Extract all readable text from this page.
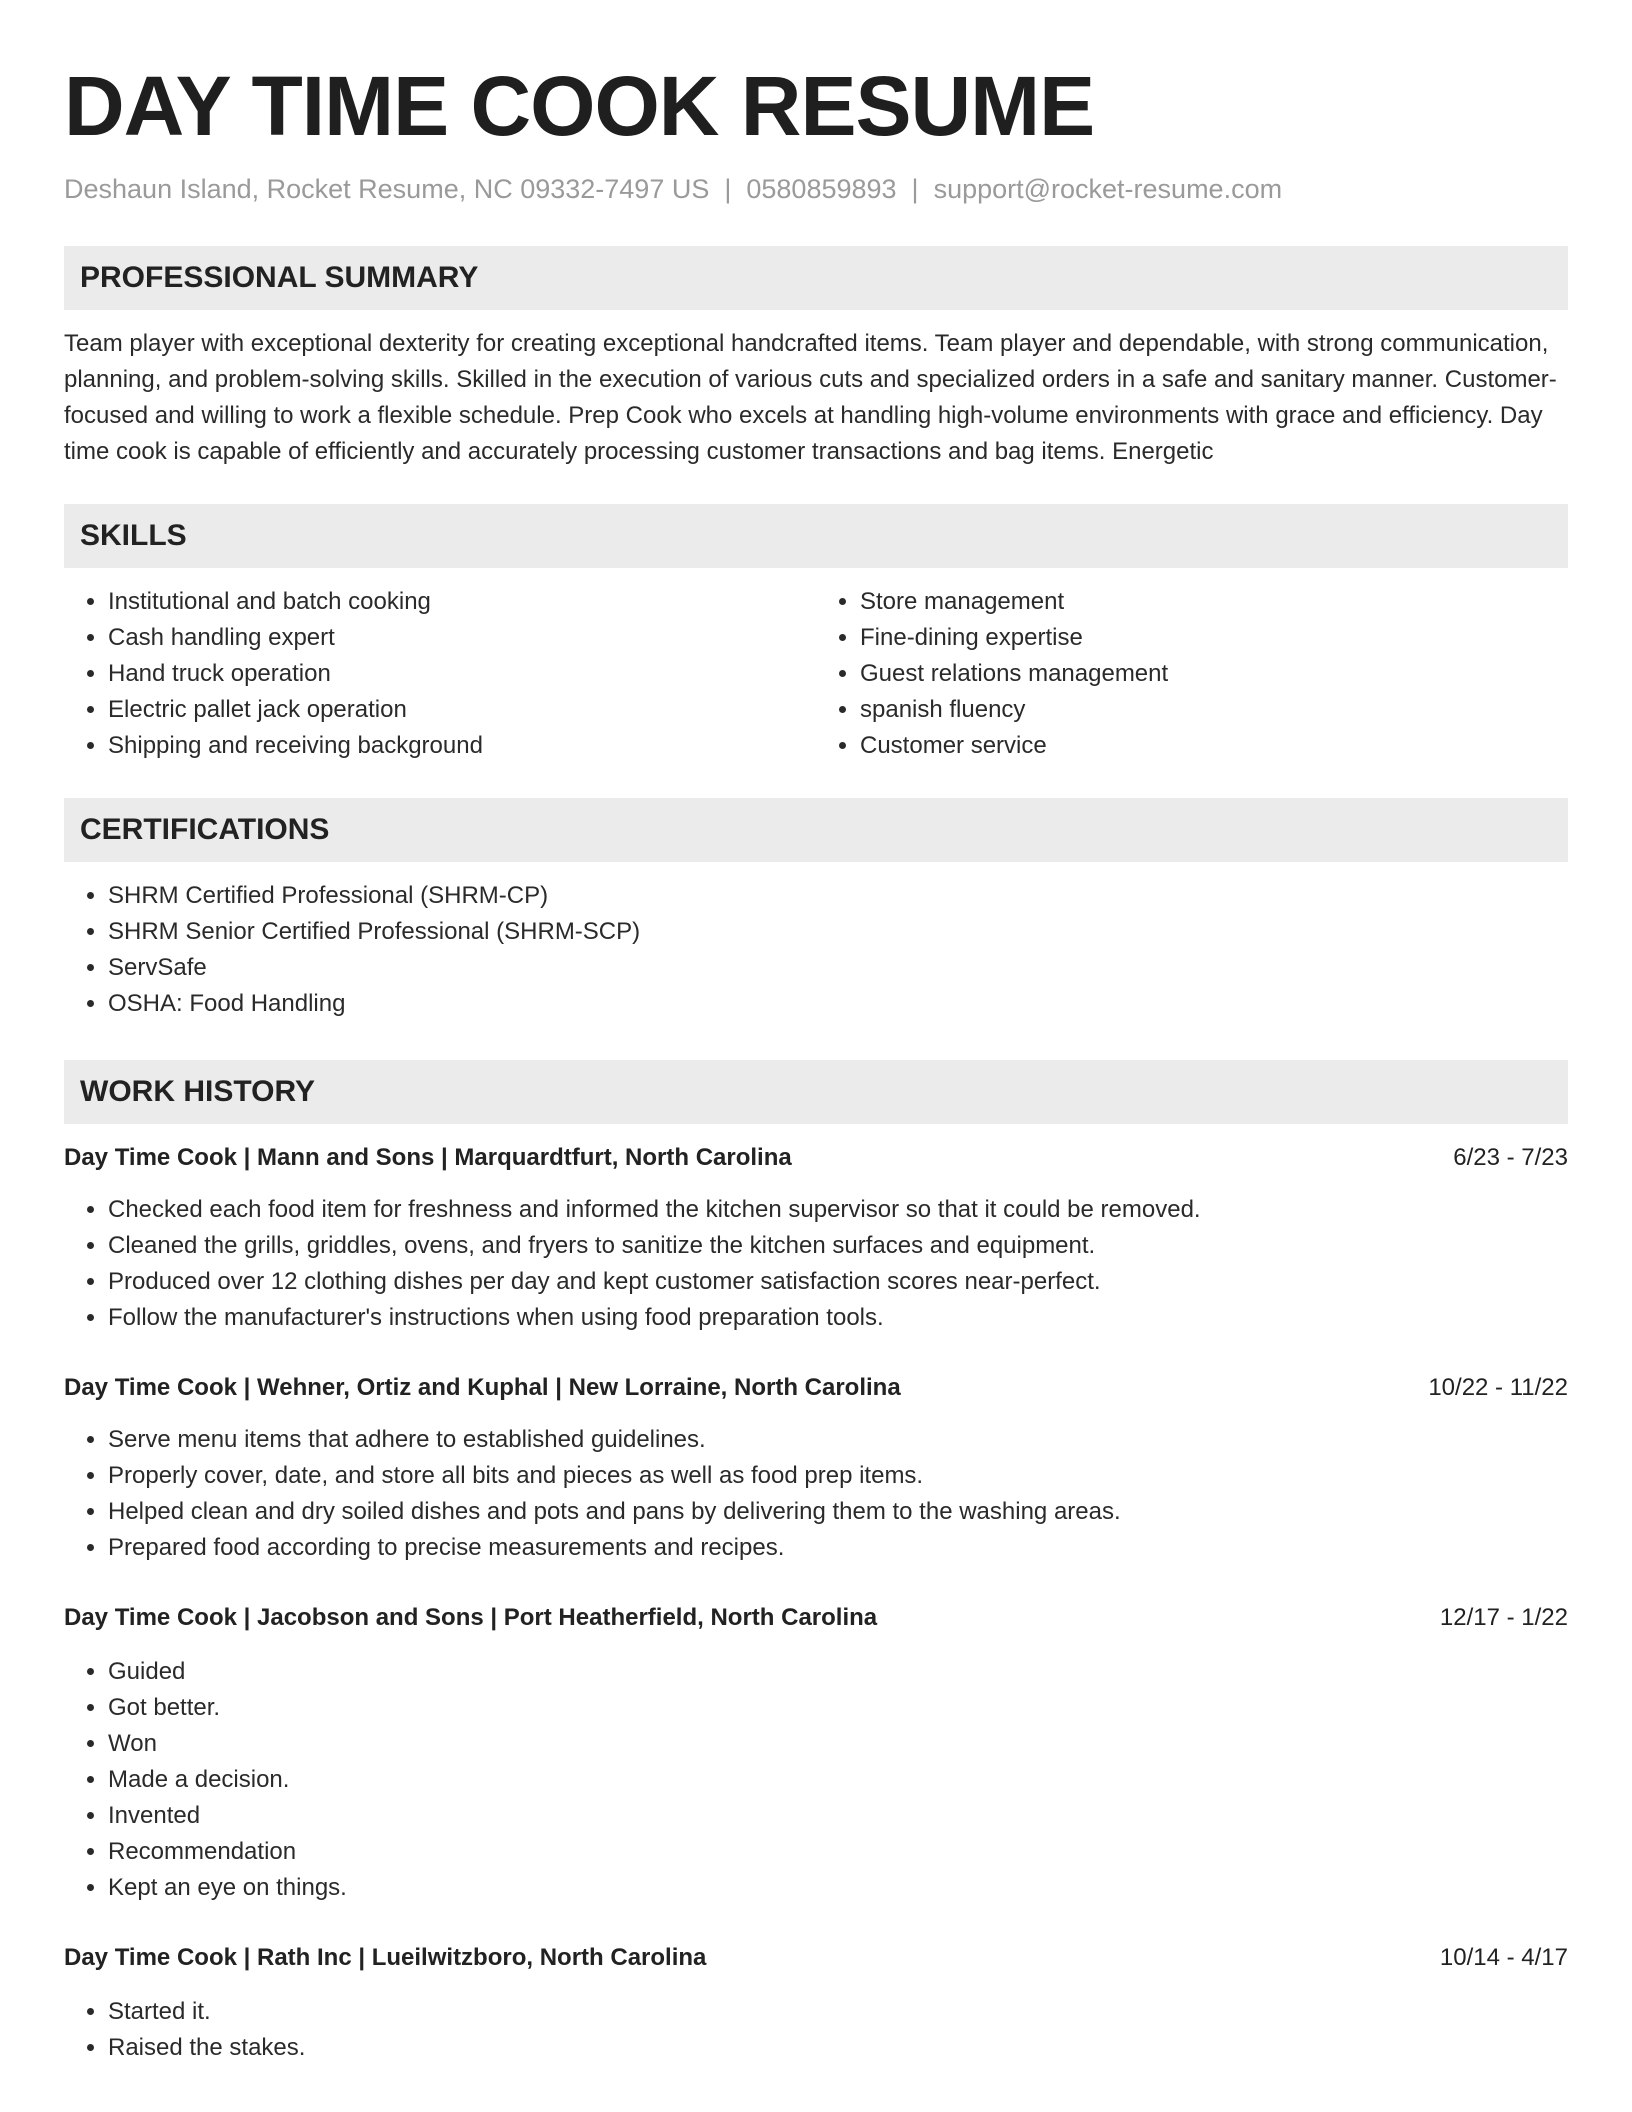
DAY TIME COOK RESUME
Deshaun Island, Rocket Resume, NC 09332-7497 US | 0580859893 | support@rocket-resume.com
PROFESSIONAL SUMMARY

Team player with exceptional dexterity for creating exceptional handcrafted items. Team player and dependable, with strong communication, planning, and problem-solving skills. Skilled in the execution of various cuts and specialized orders in a safe and sanitary manner. Customer-focused and willing to work a flexible schedule. Prep Cook who excels at handling high-volume environments with grace and efficiency. Day time cook is capable of efficiently and accurately processing customer transactions and bag items. Energetic

SKILLS
• Institutional and batch cooking
• Cash handling expert
• Hand truck operation
• Electric pallet jack operation
• Shipping and receiving background
• Store management
• Fine-dining expertise
• Guest relations management
• spanish fluency
• Customer service
CERTIFICATIONS
• SHRM Certified Professional (SHRM-CP)
• SHRM Senior Certified Professional (SHRM-SCP)
• ServSafe
• OSHA: Food Handling
WORK HISTORY
Day Time Cook | Mann and Sons | Marquardtfurt, North Carolina	6/23 - 7/23
• Checked each food item for freshness and informed the kitchen supervisor so that it could be removed.
• Cleaned the grills, griddles, ovens, and fryers to sanitize the kitchen surfaces and equipment.
• Produced over 12 clothing dishes per day and kept customer satisfaction scores near-perfect.
• Follow the manufacturer's instructions when using food preparation tools.
Day Time Cook | Wehner, Ortiz and Kuphal | New Lorraine, North Carolina	10/22 - 11/22
• Serve menu items that adhere to established guidelines.
• Properly cover, date, and store all bits and pieces as well as food prep items.
• Helped clean and dry soiled dishes and pots and pans by delivering them to the washing areas.
• Prepared food according to precise measurements and recipes.
Day Time Cook | Jacobson and Sons | Port Heatherfield, North Carolina	12/17 - 1/22
• Guided
• Got better.
• Won
• Made a decision.
• Invented
• Recommendation
• Kept an eye on things.
Day Time Cook | Rath Inc | Lueilwitzboro, North Carolina	10/14 - 4/17
• Started it.
• Raised the stakes.
